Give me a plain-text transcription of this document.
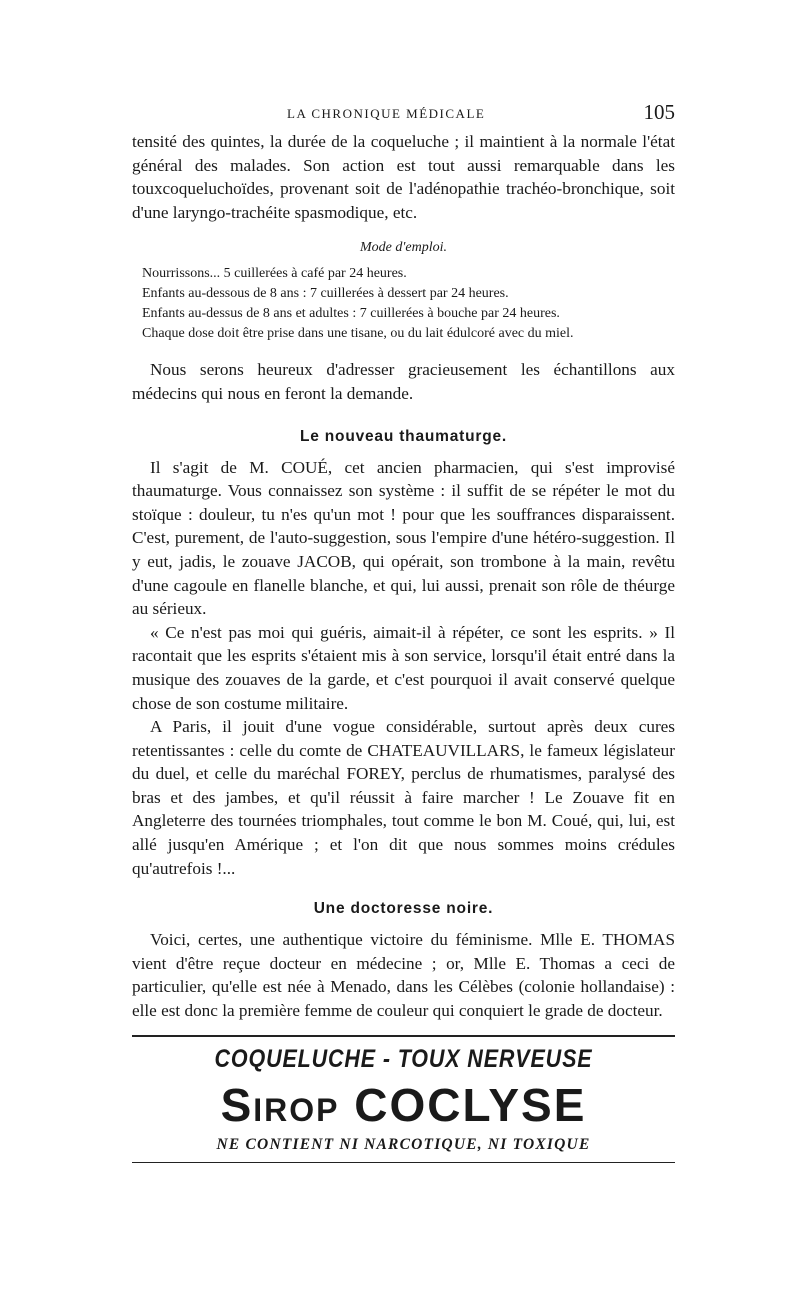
LA CHRONIQUE MÉDICALE	105

tensité des quintes, la durée de la coqueluche ; il maintient à la normale l'état général des malades. Son action est tout aussi remarquable dans les touxcoqueluchoïdes, provenant soit de l'adénopathie trachéo-bronchique, soit d'une laryngo-trachéite spasmodique, etc.

Mode d'emploi.

Nourrissons... 5 cuillerées à café par 24 heures.

Enfants au-dessous de 8 ans : 7 cuillerées à dessert par 24 heures.

Enfants au-dessus de 8 ans et adultes : 7 cuillerées à bouche par 24 heures.

Chaque dose doit être prise dans une tisane, ou du lait édulcoré avec du miel.

Nous serons heureux d'adresser gracieusement les échantillons aux médecins qui nous en feront la demande.

Le nouveau thaumaturge.

Il s'agit de M. COUÉ, cet ancien pharmacien, qui s'est improvisé thaumaturge. Vous connaissez son système : il suffit de se répéter le mot du stoïque : douleur, tu n'es qu'un mot ! pour que les souffrances disparaissent. C'est, purement, de l'auto-suggestion, sous l'empire d'une hétéro-suggestion. Il y eut, jadis, le zouave JACOB, qui opérait, son trombone à la main, revêtu d'une cagoule en flanelle blanche, et qui, lui aussi, prenait son rôle de théurge au sérieux.

« Ce n'est pas moi qui guéris, aimait-il à répéter, ce sont les esprits. » Il racontait que les esprits s'étaient mis à son service, lorsqu'il était entré dans la musique des zouaves de la garde, et c'est pourquoi il avait conservé quelque chose de son costume militaire.

A Paris, il jouit d'une vogue considérable, surtout après deux cures retentissantes : celle du comte de CHATEAUVILLARS, le fameux législateur du duel, et celle du maréchal FOREY, perclus de rhumatismes, paralysé des bras et des jambes, et qu'il réussit à faire marcher ! Le Zouave fit en Angleterre des tournées triomphales, tout comme le bon M. Coué, qui, lui, est allé jusqu'en Amérique ; et l'on dit que nous sommes moins crédules qu'autrefois !...

Une doctoresse noire.

Voici, certes, une authentique victoire du féminisme. Mlle E. THOMAS vient d'être reçue docteur en médecine ; or, Mlle E. Thomas a ceci de particulier, qu'elle est née à Menado, dans les Célèbes (colonie hollandaise) : elle est donc la première femme de couleur qui conquiert le grade de docteur.

COQUELUCHE - TOUX NERVEUSE
Sirop COCLYSE
NE CONTIENT NI NARCOTIQUE, NI TOXIQUE
